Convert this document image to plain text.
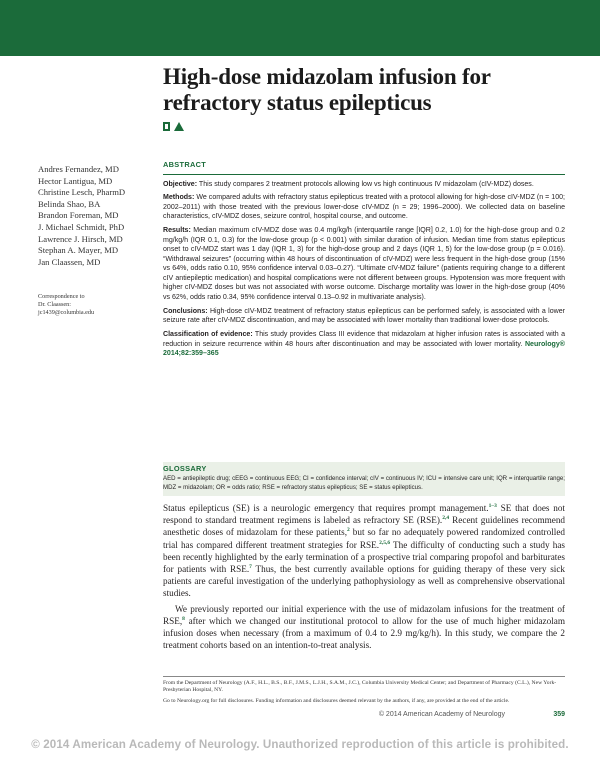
High-dose midazolam infusion for
refractory status epilepticus
Andres Fernandez, MD
Hector Lantigua, MD
Christine Lesch, PharmD
Belinda Shao, BA
Brandon Foreman, MD
J. Michael Schmidt, PhD
Lawrence J. Hirsch, MD
Stephan A. Mayer, MD
Jan Claassen, MD
Correspondence to
Dr. Claassen:
jc1439@columbia.edu
ABSTRACT

Objective: This study compares 2 treatment protocols allowing low vs high continuous IV midazolam (cIV-MDZ) doses.

Methods: We compared adults with refractory status epilepticus treated with a protocol allowing for high-dose cIV-MDZ (n = 100; 2002–2011) with those treated with the previous lower-dose cIV-MDZ (n = 29; 1996–2000). We collected data on baseline characteristics, cIV-MDZ doses, seizure control, hospital course, and outcome.

Results: Median maximum cIV-MDZ dose was 0.4 mg/kg/h (interquartile range [IQR] 0.2, 1.0) for the high-dose group and 0.2 mg/kg/h (IQR 0.1, 0.3) for the low-dose group (p < 0.001) with similar duration of infusion. Median time from status epilepticus onset to cIV-MDZ start was 1 day (IQR 1, 3) for the high-dose group and 2 days (IQR 1, 5) for the low-dose group (p = 0.016). “Withdrawal seizures” (occurring within 48 hours of discontinuation of cIV-MDZ) were less frequent in the high-dose group (15% vs 64%, odds ratio 0.10, 95% confidence interval 0.03–0.27). “Ultimate cIV-MDZ failure” (patients requiring change to a different cIV antiepileptic medication) and hospital complications were not different between groups. Hypotension was more frequent with higher cIV-MDZ doses but was not associated with worse outcome. Discharge mortality was lower in the high-dose group (40% vs 62%, odds ratio 0.34, 95% confidence interval 0.13–0.92 in multivariate analysis).

Conclusions: High-dose cIV-MDZ treatment of refractory status epilepticus can be performed safely, is associated with a lower seizure rate after cIV-MDZ discontinuation, and may be associated with lower mortality than traditional lower-dose protocols.

Classification of evidence: This study provides Class III evidence that midazolam at higher infusion rates is associated with a reduction in seizure recurrence within 48 hours after discontinuation and may be associated with lower mortality. Neurology® 2014;82:359–365

GLOSSARY
AED = antiepileptic drug; cEEG = continuous EEG; CI = confidence interval; cIV = continuous IV; ICU = intensive care unit; IQR = interquartile range; MDZ = midazolam; OR = odds ratio; RSE = refractory status epilepticus; SE = status epilepticus.

Status epilepticus (SE) is a neurologic emergency that requires prompt management.$^{1-3}$ SE that does not respond to standard treatment regimens is labeled as refractory SE (RSE).$^{2,4}$ Recent guidelines recommend anesthetic doses of midazolam for these patients,$^2$ but so far no adequately powered randomized controlled trial has compared different treatment strategies for RSE.$^{2,5,6}$ The difficulty of conducting such a study has been recently highlighted by the early termination of a prospective trial comparing propofol and barbiturates for patients with RSE.$^7$ Thus, the best currently available options for guiding therapy of these very sick patients are careful investigation of the underlying pathophysiology as well as comprehensive observational studies.

We previously reported our initial experience with the use of midazolam infusions for the treatment of RSE,$^8$ after which we changed our institutional protocol to allow for the use of much higher midazolam infusion doses when necessary (from a maximum of 0.4 to 2.9 mg/kg/h). In this study, we compare the 2 treatment cohorts based on an intention-to-treat analysis.

From the Department of Neurology (A.F., H.L., B.S., B.F., J.M.S., L.J.H., S.A.M., J.C.), Columbia University Medical Center; and Department of Pharmacy (C.L.), New York-Presbyterian Hospital, NY.
Go to Neurology.org for full disclosures. Funding information and disclosures deemed relevant by the authors, if any, are provided at the end of the article.
© 2014 American Academy of Neurology	359
© 2014 American Academy of Neurology. Unauthorized reproduction of this article is prohibited.
